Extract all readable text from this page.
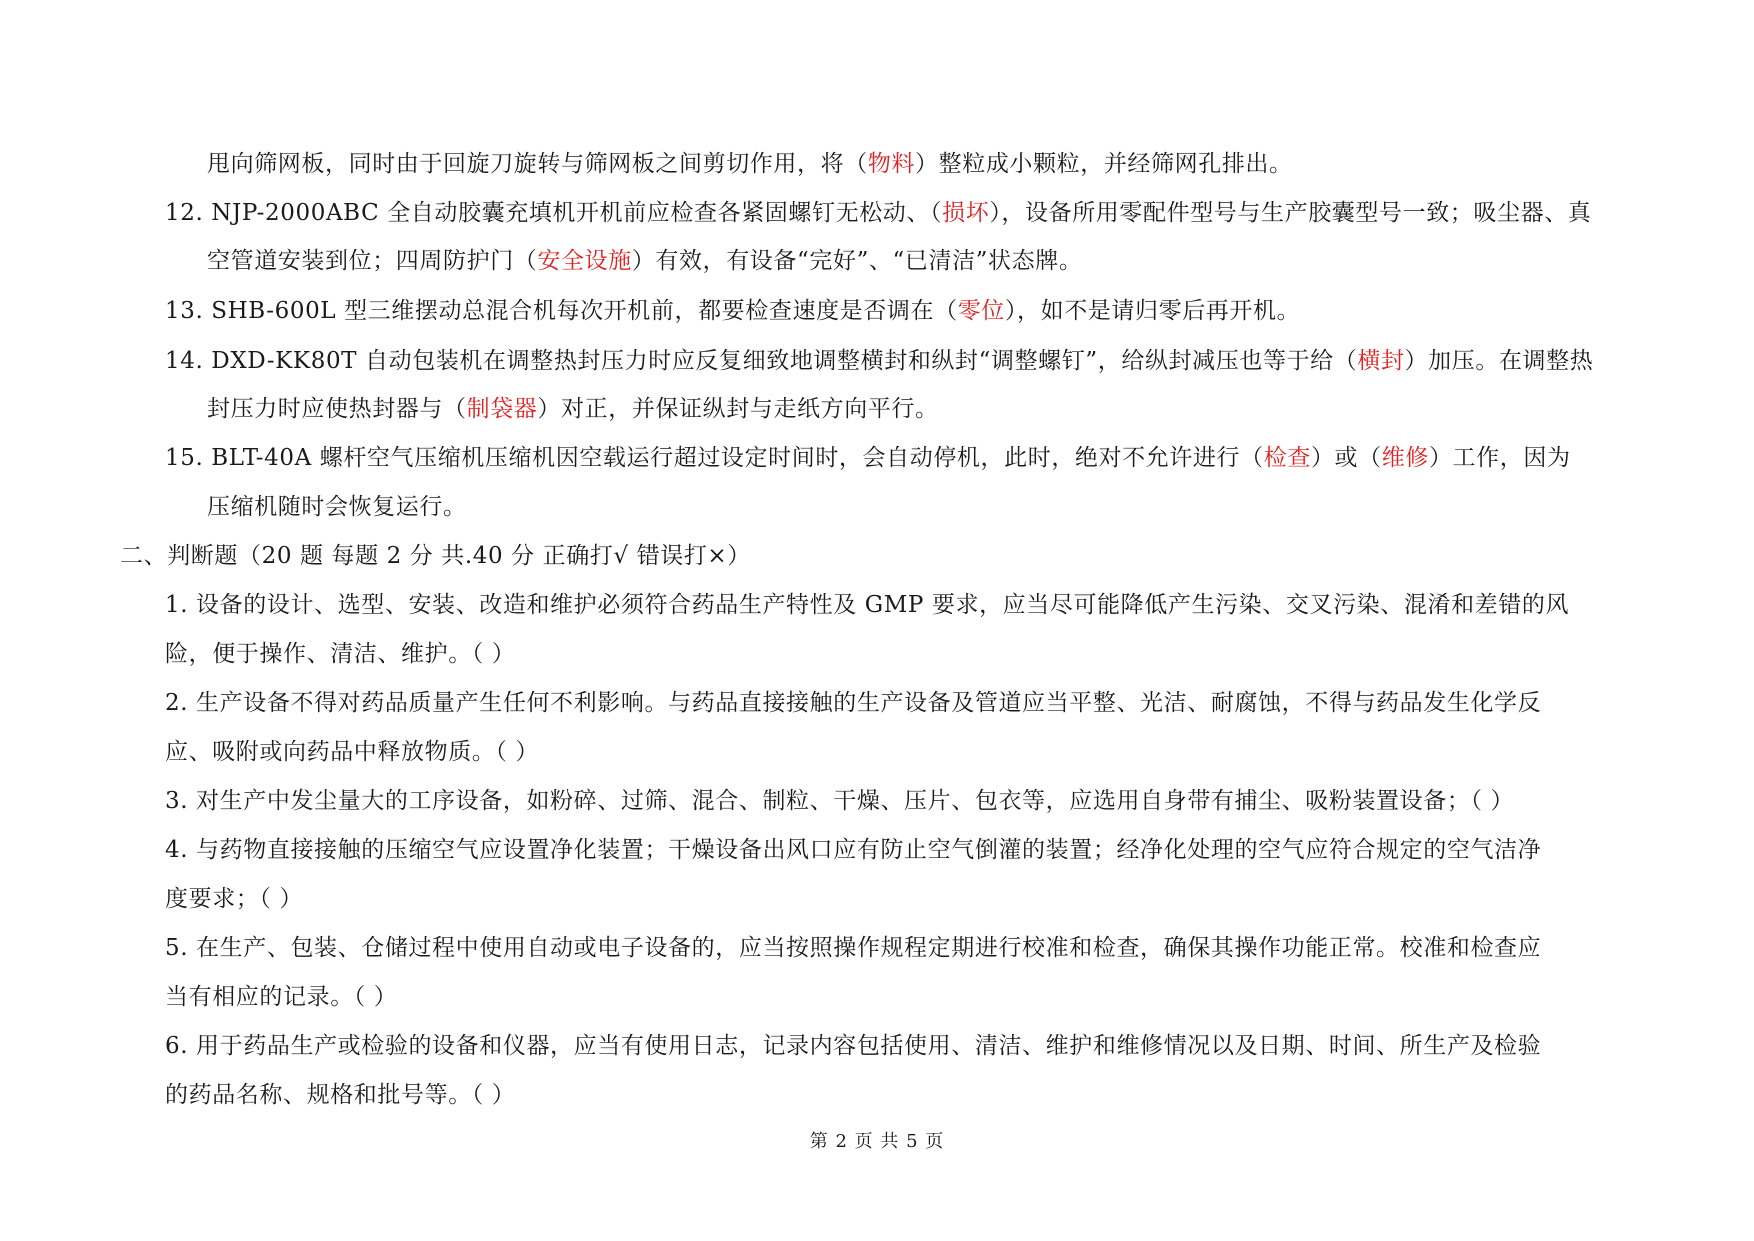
甩向筛网板，同时由于回旋刀旋转与筛网板之间剪切作用，将（物料）整粒成小颗粒，并经筛网孔排出。
12. NJP-2000ABC 全自动胶囊充填机开机前应检查各紧固螺钉无松动、（损坏），设备所用零配件型号与生产胶囊型号一致；吸尘器、真
空管道安装到位；四周防护门（安全设施）有效，有设备“完好”、“已清洁”状态牌。
13. SHB-600L 型三维摆动总混合机每次开机前，都要检查速度是否调在（零位），如不是请归零后再开机。
14. DXD-KK80T 自动包装机在调整热封压力时应反复细致地调整横封和纵封“调整螺钉”，给纵封减压也等于给（横封）加压。在调整热
封压力时应使热封器与（制袋器）对正，并保证纵封与走纸方向平行。
15. BLT-40A 螺杆空气压缩机压缩机因空载运行超过设定时间时，会自动停机，此时，绝对不允许进行（检查）或（维修）工作，因为
压缩机随时会恢复运行。
二、判断题（20 题 每题 2 分 共.40 分 正确打√ 错误打×）
1. 设备的设计、选型、安装、改造和维护必须符合药品生产特性及 GMP 要求，应当尽可能降低产生污染、交叉污染、混淆和差错的风
险，便于操作、清洁、维护。（ ）
2. 生产设备不得对药品质量产生任何不利影响。与药品直接接触的生产设备及管道应当平整、光洁、耐腐蚀，不得与药品发生化学反
应、吸附或向药品中释放物质。（ ）
3. 对生产中发尘量大的工序设备，如粉碎、过筛、混合、制粒、干燥、压片、包衣等，应选用自身带有捕尘、吸粉装置设备；（ ）
4. 与药物直接接触的压缩空气应设置净化装置；干燥设备出风口应有防止空气倒灌的装置；经净化处理的空气应符合规定的空气洁净
度要求；（ ）
5. 在生产、包装、仓储过程中使用自动或电子设备的，应当按照操作规程定期进行校准和检查，确保其操作功能正常。校准和检查应
当有相应的记录。（ ）
6. 用于药品生产或检验的设备和仪器，应当有使用日志，记录内容包括使用、清洁、维护和维修情况以及日期、时间、所生产及检验
的药品名称、规格和批号等。（ ）
第 2 页 共 5 页
